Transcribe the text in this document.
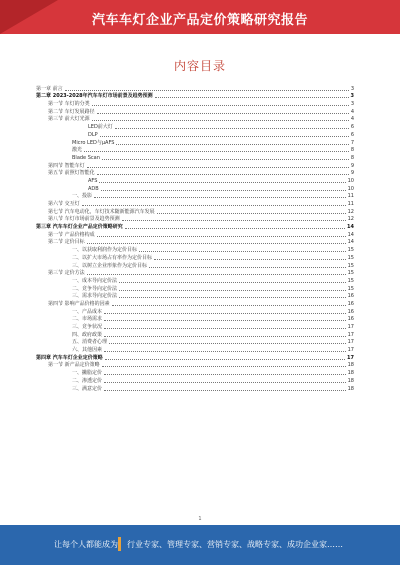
汽车车灯企业产品定价策略研究报告
内容目录
第一章 前言	3
第二章 2023-2028年汽车车灯市场前景及趋势预测	3
第一节 车灯的分类	3
第二节 车灯发展路径	4
第三节 前大灯光源	4
LED前大灯	6
DLP	6
Micro LED与μAFS	7
激光	8
Blade Scan	8
第四节 智能车灯	9
第五节 前照灯智能化	9
AFS	10
ADB	10
一、投影	11
第六节 交互灯	11
第七节 汽车电动化，车灯技术随新能源汽车发展	12
第八节 车灯市场前景及趋势预测	12
第三章 汽车车灯企业产品定价策略研究	14
第一节 产品价格构成	14
第二节 定价目标	14
一、以获取利润作为定价目标	15
二、以扩大市场占有率作为定价目标	15
三、以树立企业形象作为定价目标	15
第三节 定价方法	15
一、成本导向定价法	15
二、竞争导向定价法	15
三、需求导向定价法	16
第四节 影响产品价格的因素	16
一、产品成本	16
二、市场需求	16
三、竞争状况	17
四、政府政策	17
五、消费者心理	17
六、其他因素	17
第四章 汽车车灯企业定价策略	17
第一节 新产品定价策略	18
一、撇脂定价	18
二、渗透定价	18
三、满意定价	18
1
让每个人都能成为 行业专家、管理专家、营销专家、战略专家、成功企业家……
